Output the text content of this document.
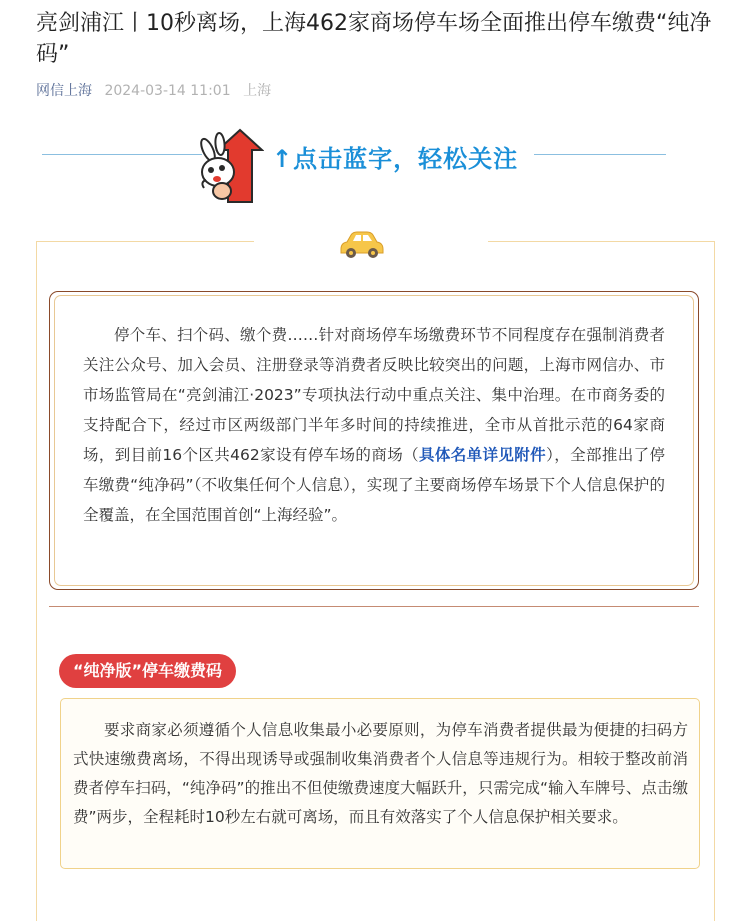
亮剑浦江丨10秒离场，上海462家商场停车场全面推出停车缴费“纯净码”
网信上海 2024-03-14 11:01 上海
↑点击蓝字，轻松关注

停个车、扫个码、缴个费……针对商场停车场缴费环节不同程度存在强制消费者关注公众号、加入会员、注册登录等消费者反映比较突出的问题，上海市网信办、市市场监管局在“亮剑浦江·2023”专项执法行动中重点关注、集中治理。在市商务委的支持配合下，经过市区两级部门半年多时间的持续推进，全市从首批示范的64家商场，到目前16个区共462家设有停车场的商场（具体名单详见附件），全部推出了停车缴费“纯净码”（不收集任何个人信息），实现了主要商场停车场景下个人信息保护的全覆盖，在全国范围首创“上海经验”。

“纯净版”停车缴费码

要求商家必须遵循个人信息收集最小必要原则，为停车消费者提供最为便捷的扫码方式快速缴费离场，不得出现诱导或强制收集消费者个人信息等违规行为。相较于整改前消费者停车扫码，“纯净码”的推出不但使缴费速度大幅跃升，只需完成“输入车牌号、点击缴费”两步，全程耗时10秒左右就可离场，而且有效落实了个人信息保护相关要求。
